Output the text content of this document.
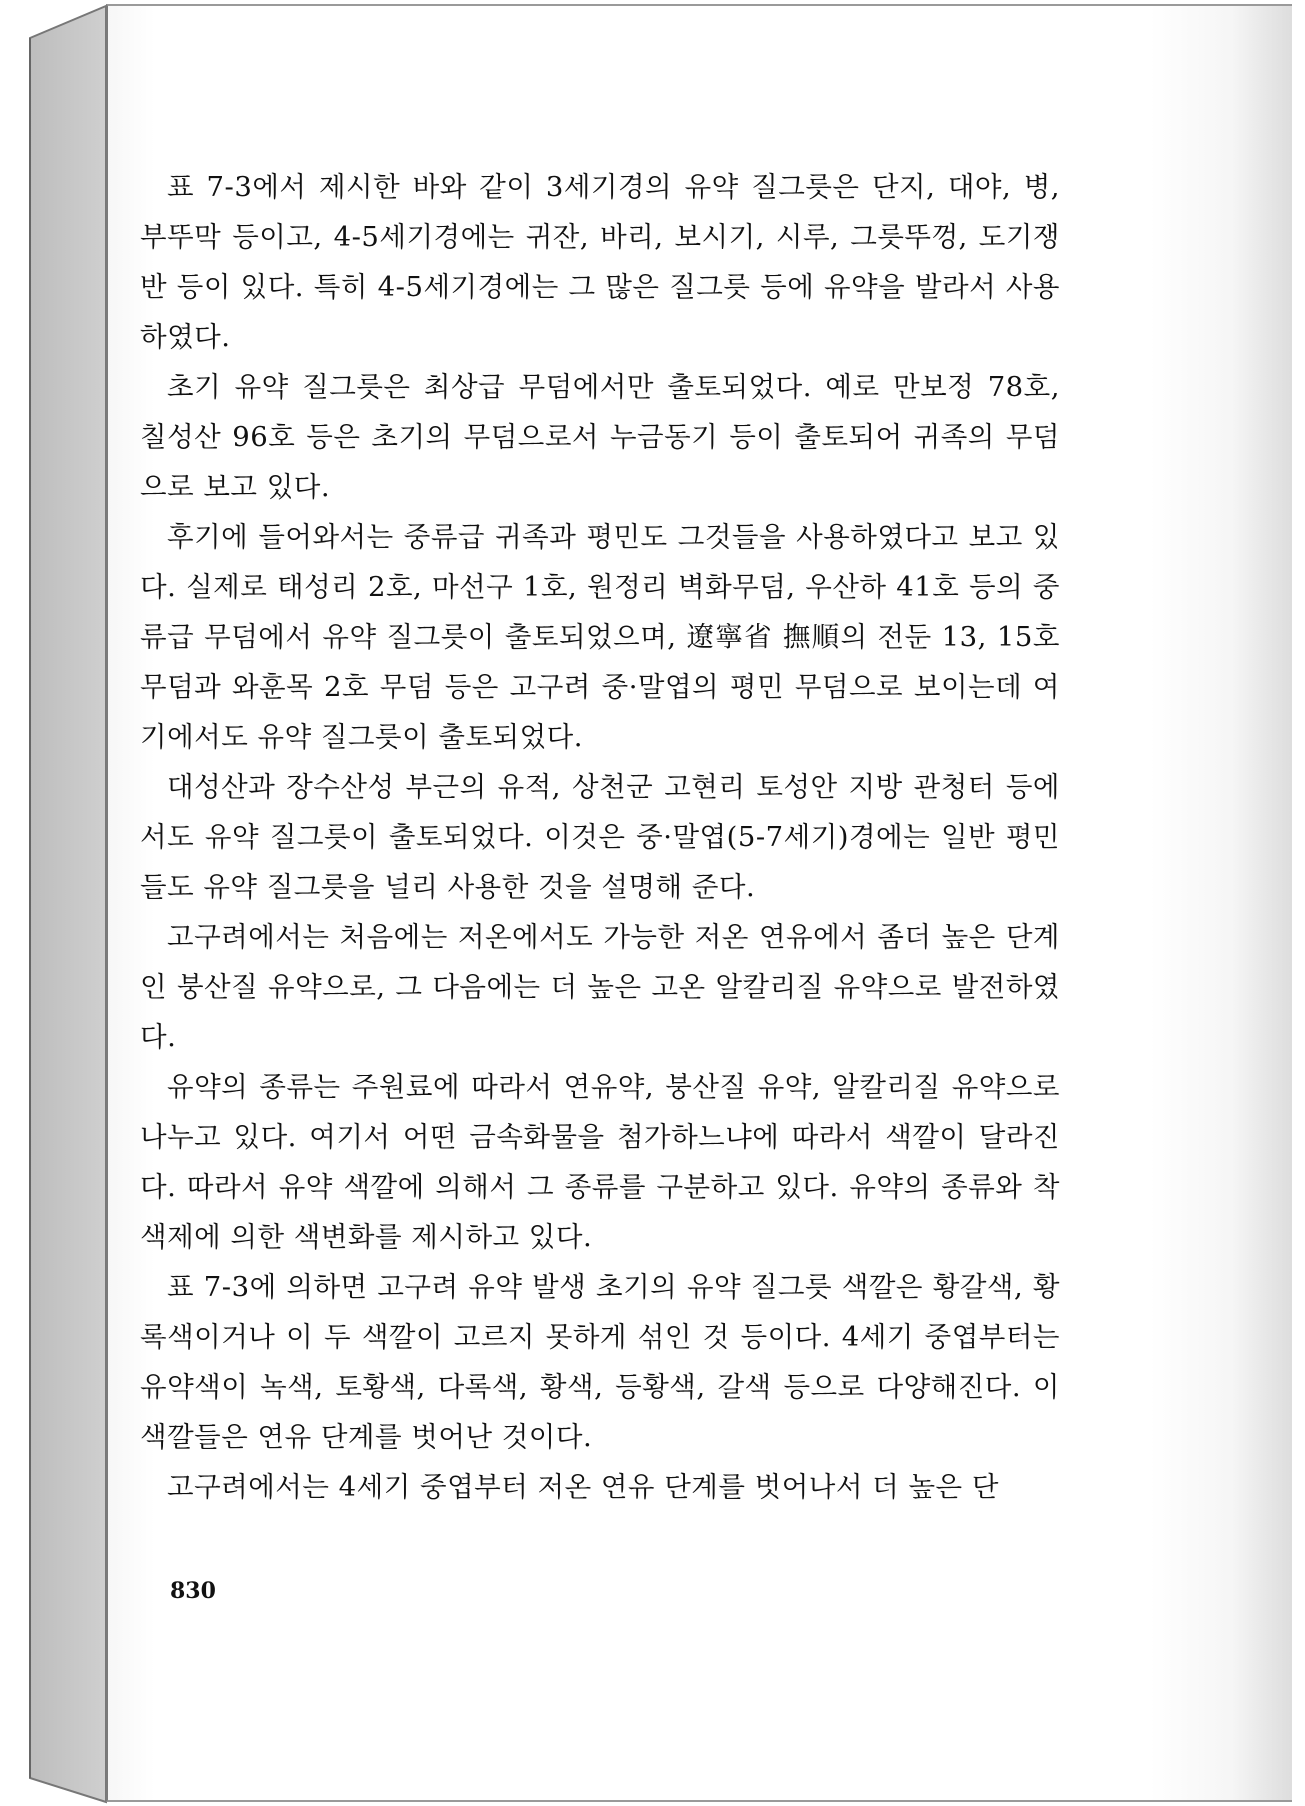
표 7-3에서 제시한 바와 같이 3세기경의 유약 질그릇은 단지, 대야, 병, 부뚜막 등이고, 4-5세기경에는 귀잔, 바리, 보시기, 시루, 그릇뚜껑, 도기쟁반 등이 있다. 특히 4-5세기경에는 그 많은 질그릇 등에 유약을 발라서 사용하였다.

초기 유약 질그릇은 최상급 무덤에서만 출토되었다. 예로 만보정 78호, 칠성산 96호 등은 초기의 무덤으로서 누금동기 등이 출토되어 귀족의 무덤으로 보고 있다.

후기에 들어와서는 중류급 귀족과 평민도 그것들을 사용하였다고 보고 있다. 실제로 태성리 2호, 마선구 1호, 원정리 벽화무덤, 우산하 41호 등의 중류급 무덤에서 유약 질그릇이 출토되었으며, 遼寧省 撫順의 전둔 13, 15호 무덤과 와훈목 2호 무덤 등은 고구려 중·말엽의 평민 무덤으로 보이는데 여기에서도 유약 질그릇이 출토되었다.

대성산과 장수산성 부근의 유적, 상천군 고현리 토성안 지방 관청터 등에서도 유약 질그릇이 출토되었다. 이것은 중·말엽(5-7세기)경에는 일반 평민들도 유약 질그릇을 널리 사용한 것을 설명해 준다.

고구려에서는 처음에는 저온에서도 가능한 저온 연유에서 좀더 높은 단계인 붕산질 유약으로, 그 다음에는 더 높은 고온 알칼리질 유약으로 발전하였다.

유약의 종류는 주원료에 따라서 연유약, 붕산질 유약, 알칼리질 유약으로 나누고 있다. 여기서 어떤 금속화물을 첨가하느냐에 따라서 색깔이 달라진다. 따라서 유약 색깔에 의해서 그 종류를 구분하고 있다. 유약의 종류와 착색제에 의한 색변화를 제시하고 있다.

표 7-3에 의하면 고구려 유약 발생 초기의 유약 질그릇 색깔은 황갈색, 황록색이거나 이 두 색깔이 고르지 못하게 섞인 것 등이다. 4세기 중엽부터는 유약색이 녹색, 토황색, 다록색, 황색, 등황색, 갈색 등으로 다양해진다. 이 색깔들은 연유 단계를 벗어난 것이다.

고구려에서는 4세기 중엽부터 저온 연유 단계를 벗어나서 더 높은 단

830
